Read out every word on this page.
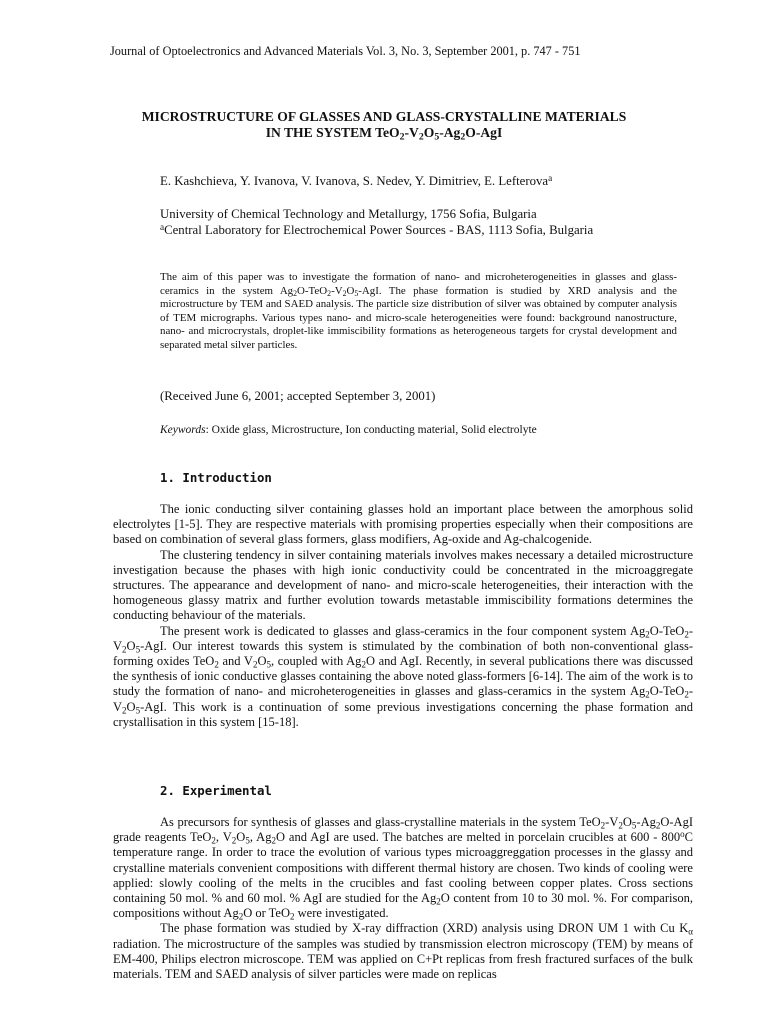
Journal of Optoelectronics and Advanced Materials Vol. 3, No. 3, September 2001, p. 747 - 751
MICROSTRUCTURE OF GLASSES AND GLASS-CRYSTALLINE MATERIALS
IN THE SYSTEM $TeO_2-V_2O_5-Ag_2O$-AgI
E. Kashchieva, Y. Ivanova, V. Ivanova, S. Nedev, Y. Dimitriev, E. Lefterova$^a$
University of Chemical Technology and Metallurgy, 1756 Sofia, Bulgaria
$^a$Central Laboratory for Electrochemical Power Sources - BAS, 1113 Sofia, Bulgaria
The aim of this paper was to investigate the formation of nano- and microheterogeneities in glasses and glass-ceramics in the system $Ag_2O-TeO_2-V_2O_5$-AgI. The phase formation is studied by XRD analysis and the microstructure by TEM and SAED analysis. The particle size distribution of silver was obtained by computer analysis of TEM micrographs. Various types nano- and micro-scale heterogeneities were found: background nanostructure, nano- and microcrystals, droplet-like immiscibility formations as heterogeneous targets for crystal development and separated metal silver particles.
(Received June 6, 2001; accepted September 3, 2001)
Keywords: Oxide glass, Microstructure, Ion conducting material, Solid electrolyte
1. Introduction

The ionic conducting silver containing glasses hold an important place between the amorphous solid electrolytes [1-5]. They are respective materials with promising properties especially when their compositions are based on combination of several glass formers, glass modifiers, Ag-oxide and Ag-chalcogenide.

The clustering tendency in silver containing materials involves makes necessary a detailed microstructure investigation because the phases with high ionic conductivity could be concentrated in the microaggregate structures. The appearance and development of nano- and micro-scale heterogeneities, their interaction with the homogeneous glassy matrix and further evolution towards metastable immiscibility formations determines the conducting behaviour of the materials.

The present work is dedicated to glasses and glass-ceramics in the four component system $Ag_2O-TeO_2-V_2O_5$-AgI. Our interest towards this system is stimulated by the combination of both non-conventional glass-forming oxides TeO$_2$ and $V_2O_5$, coupled with $Ag_2O$ and AgI. Recently, in several publications there was discussed the synthesis of ionic conductive glasses containing the above noted glass-formers [6-14]. The aim of the work is to study the formation of nano- and microheterogeneities in glasses and glass-ceramics in the system $Ag_2O-TeO_2-V_2O_5$-AgI. This work is a continuation of some previous investigations concerning the phase formation and crystallisation in this system [15-18].

2. Experimental

As precursors for synthesis of glasses and glass-crystalline materials in the system $TeO_2-V_2O_5-Ag_2O$-AgI grade reagents TeO$_2$, $V_2O_5$, $Ag_2O$ and AgI are used. The batches are melted in porcelain crucibles at 600 - 800$^o$C temperature range. In order to trace the evolution of various types microaggreggation processes in the glassy and crystalline materials convenient compositions with different thermal history are chosen. Two kinds of cooling were applied: slowly cooling of the melts in the crucibles and fast cooling between copper plates. Cross sections containing 50 mol. % and 60 mol. % AgI are studied for the $Ag_2O$ content from 10 to 30 mol. %. For comparison, compositions without $Ag_2O$ or TeO$_2$ were investigated.

The phase formation was studied by X-ray diffraction (XRD) analysis using DRON UM 1 with Cu $K_\alpha$ radiation. The microstructure of the samples was studied by transmission electron microscopy (TEM) by means of EM-400, Philips electron microscope. TEM was applied on C+Pt replicas from fresh fractured surfaces of the bulk materials. TEM and SAED analysis of silver particles were made on replicas
